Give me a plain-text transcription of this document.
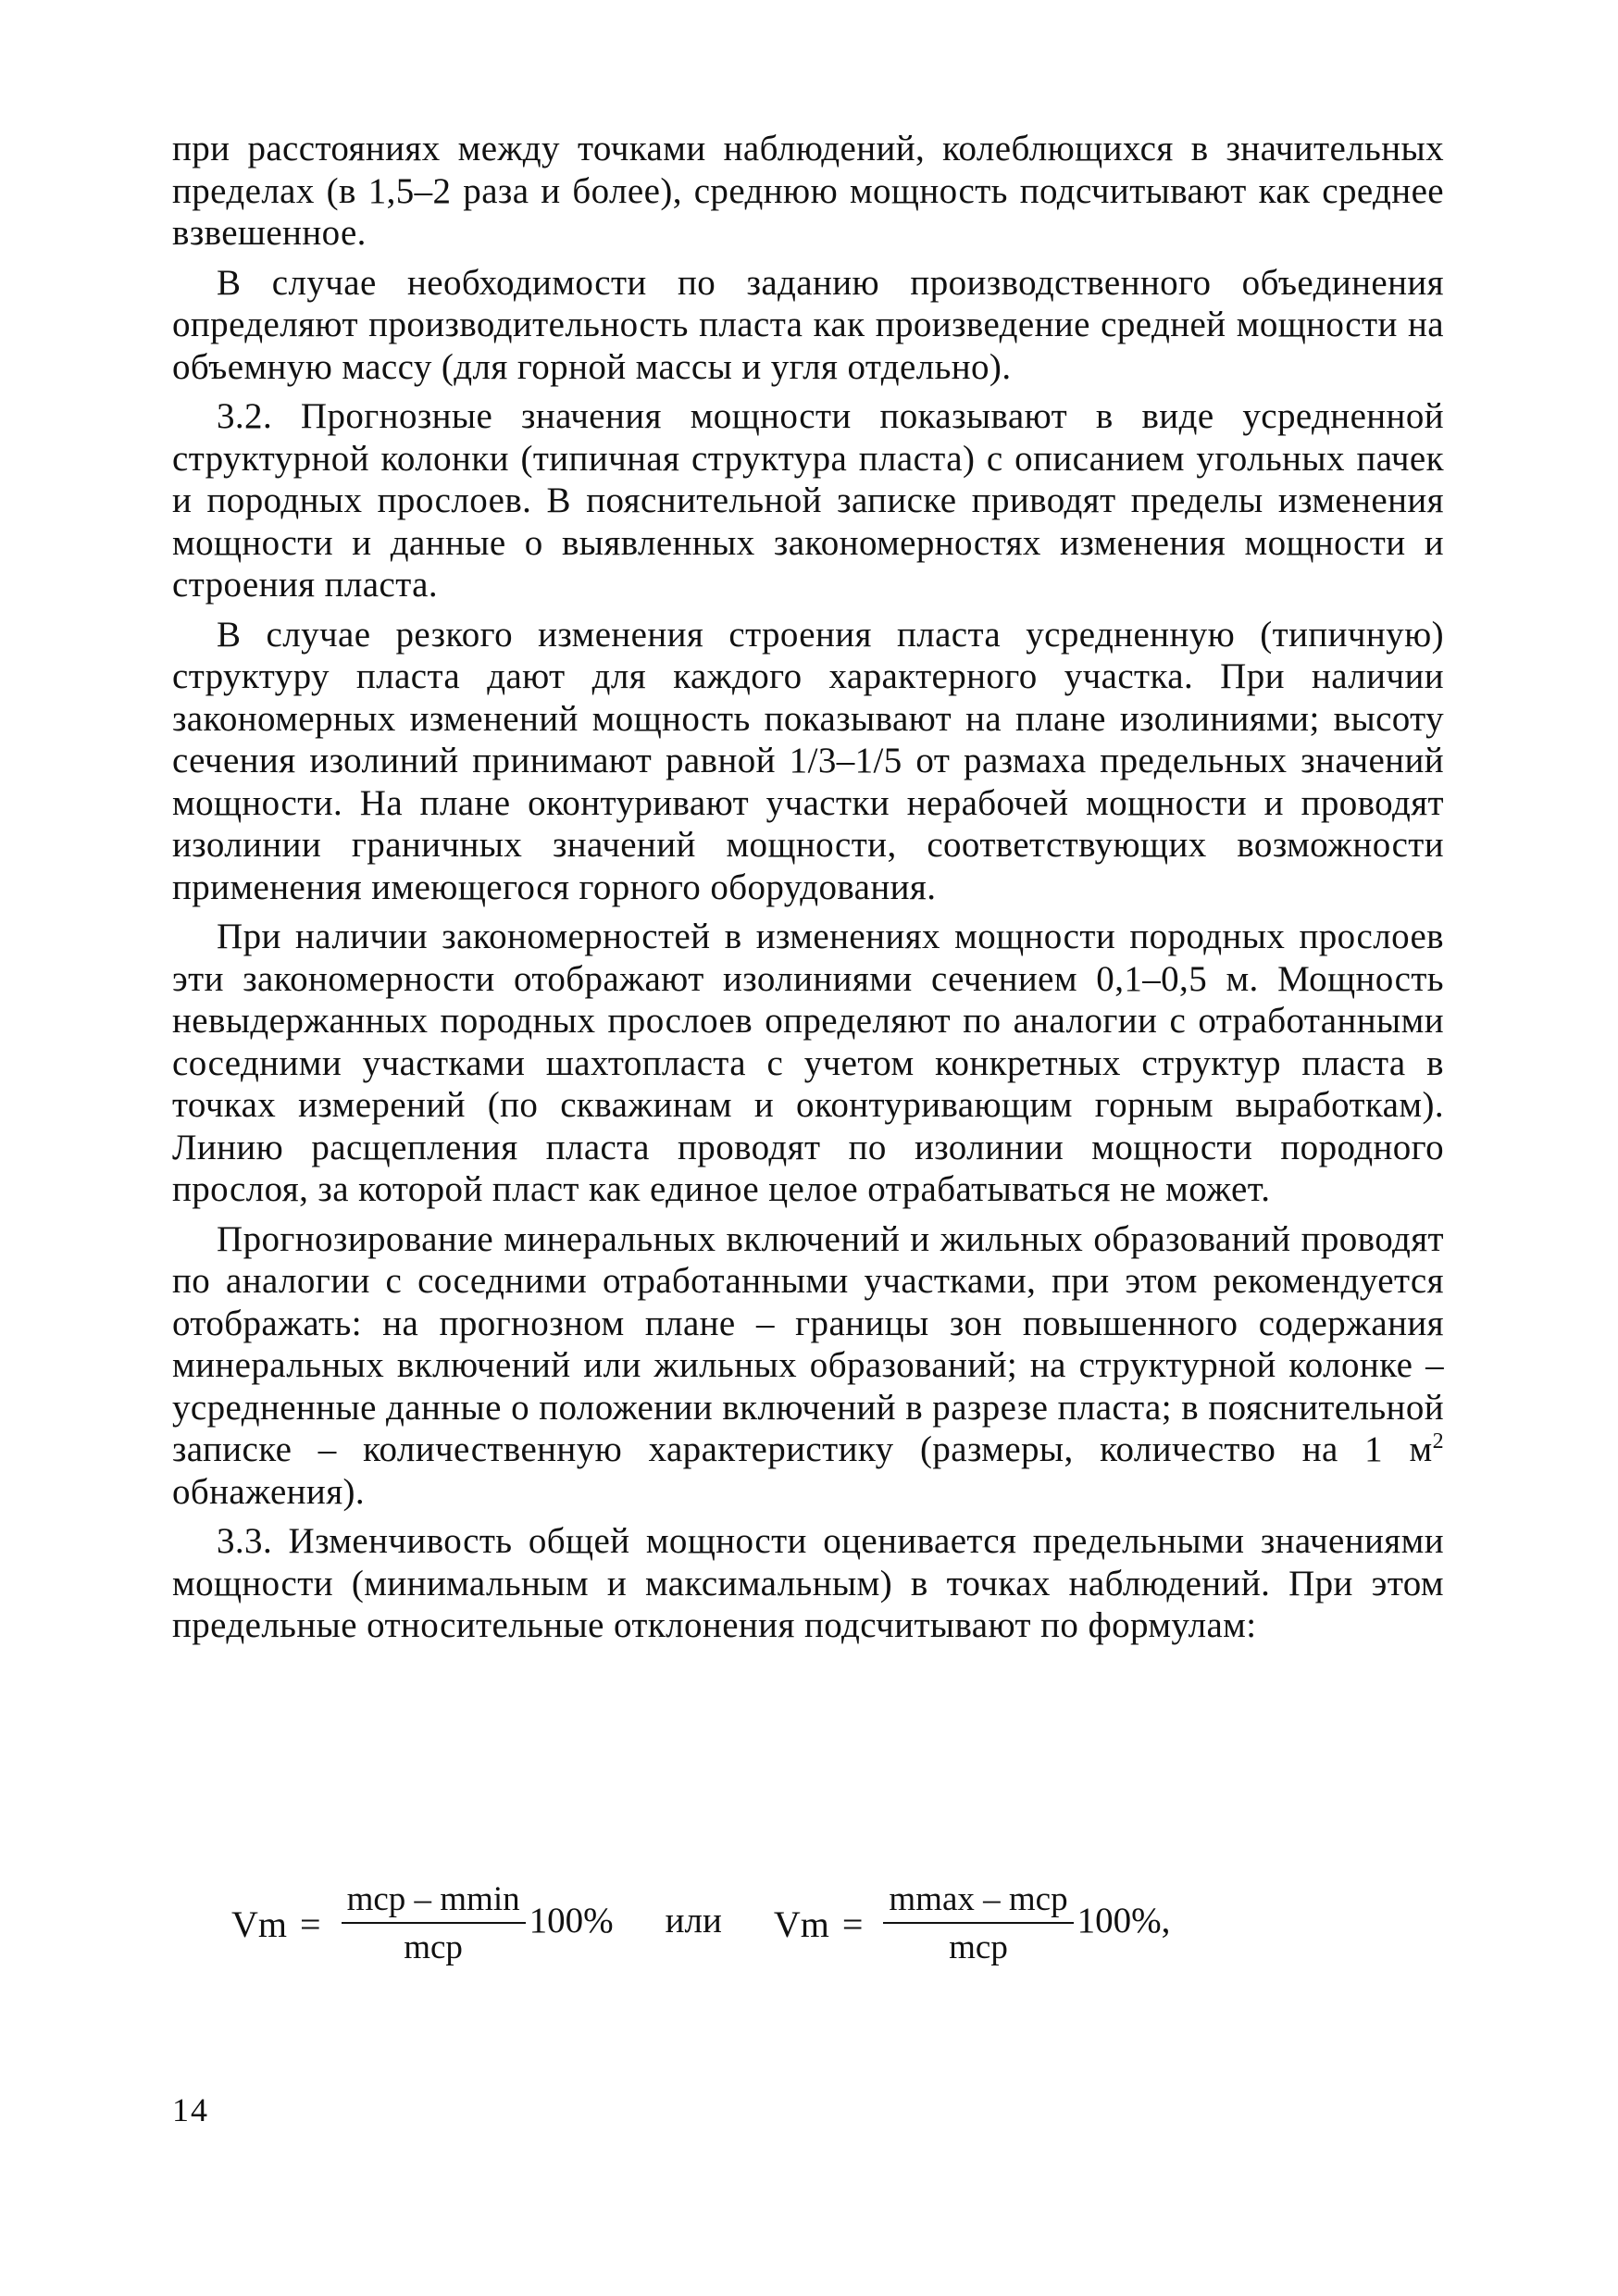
при расстояниях между точками наблюдений, колеблющихся в значительных пределах (в 1,5–2 раза и более), среднюю мощность подсчитывают как среднее взвешенное.

В случае необходимости по заданию производственного объединения определяют производительность пласта как произведение средней мощности на объемную массу (для горной массы и угля отдельно).

3.2. Прогнозные значения мощности показывают в виде усредненной структурной колонки (типичная структура пласта) с описанием угольных пачек и породных прослоев. В пояснительной записке приводят пределы изменения мощности и данные о выявленных закономерностях изменения мощности и строения пласта.

В случае резкого изменения строения пласта усредненную (типичную) структуру пласта дают для каждого характерного участка. При наличии закономерных изменений мощность показывают на плане изолиниями; высоту сечения изолиний принимают равной 1/3–1/5 от размаха предельных значений мощности. На плане оконтуривают участки нерабочей мощности и проводят изолинии граничных значений мощности, соответствующих возможности применения имеющегося горного оборудования.

При наличии закономерностей в изменениях мощности породных прослоев эти закономерности отображают изолиниями сечением 0,1–0,5 м. Мощность невыдержанных породных прослоев определяют по аналогии с отработанными соседними участками шахтопласта с учетом конкретных структур пласта в точках измерений (по скважинам и оконтуривающим горным выработкам). Линию расщепления пласта проводят по изолинии мощности породного прослоя, за которой пласт как единое целое отрабатываться не может.

Прогнозирование минеральных включений и жильных образований проводят по аналогии с соседними отработанными участками, при этом рекомендуется отображать: на прогнозном плане – границы зон повышенного содержания минеральных включений или жильных образований; на структурной колонке – усредненные данные о положении включений в разрезе пласта; в пояснительной записке – количественную характеристику (размеры, количество на 1 $м^2$ обнажения).

3.3. Изменчивость общей мощности оценивается предельными значениями мощности (минимальным и максимальным) в точках наблюдений. При этом предельные относительные отклонения подсчитывают по формулам:

$Vm = \frac{\text{mcp – mmin}}{\text{mcp}} 100\%$ или $Vm = \frac{\text{mmax – mcp}}{\text{mcp}} 100\%$,
14
